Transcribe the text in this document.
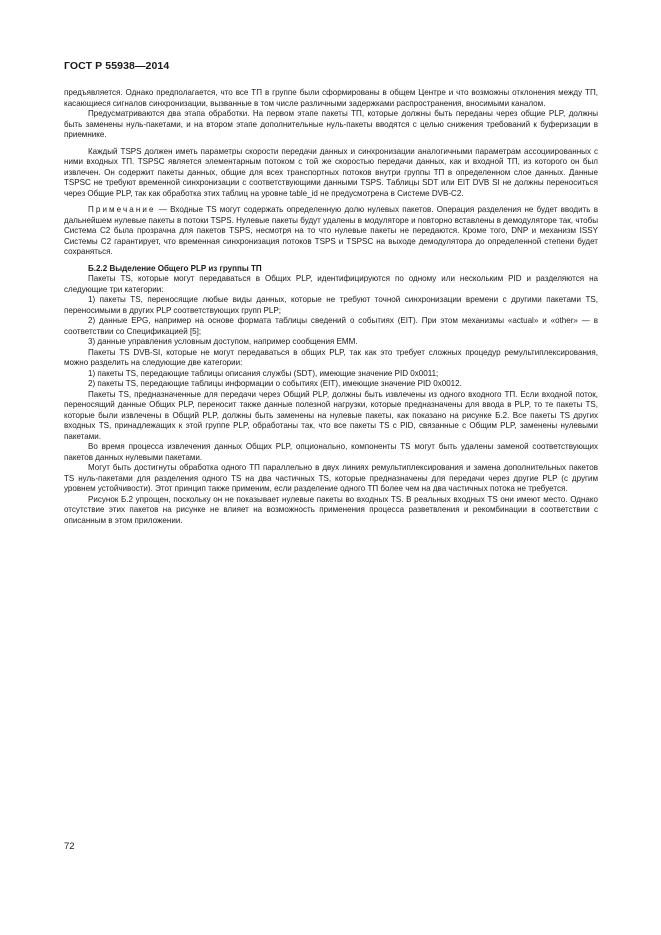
ГОСТ Р 55938—2014

предъявляется. Однако предполагается, что все ТП в группе были сформированы в общем Центре и что возможны отклонения между ТП, касающиеся сигналов синхронизации, вызванные в том числе различными задержками распространения, вносимыми каналом.

Предусматриваются два этапа обработки. На первом этапе пакеты ТП, которые должны быть переданы через общие PLP, должны быть заменены нуль-пакетами, и на втором этапе дополнительные нуль-пакеты вводятся с целью снижения требований к буферизации в приемнике.

Каждый TSPS должен иметь параметры скорости передачи данных и синхронизации аналогичными параметрам ассоциированных с ними входных ТП. TSPSC является элементарным потоком с той же скоростью передачи данных, как и входной ТП, из которого он был извлечен. Он содержит пакеты данных, общие для всех транспортных потоков внутри группы ТП в определенном слое данных. Данные TSPSC не требуют временной синхронизации с соответствующими данными TSPS. Таблицы SDT или EIT DVB SI не должны переноситься через Общие PLP, так как обработка этих таблиц на уровне table_id не предусмотрена в Системе DVB-C2.

Примечание — Входные TS могут содержать определенную долю нулевых пакетов. Операция разделения не будет вводить в дальнейшем нулевые пакеты в потоки TSPS. Нулевые пакеты будут удалены в модуляторе и повторно вставлены в демодуляторе так, чтобы Система С2 была прозрачна для пакетов TSPS, несмотря на то что нулевые пакеты не передаются. Кроме того, DNP и механизм ISSY Системы С2 гарантирует, что временная синхронизация потоков TSPS и TSPSC на выходе демодулятора до определенной степени будет сохраняться.

Б.2.2 Выделение Общего PLP из группы ТП

Пакеты TS, которые могут передаваться в Общих PLP, идентифицируются по одному или нескольким PID и разделяются на следующие три категории:

1) пакеты TS, переносящие любые виды данных, которые не требуют точной синхронизации времени с другими пакетами TS, переносимыми в других PLP соответствующих групп PLP;

2) данные EPG, например на основе формата таблицы сведений о событиях (EIT). При этом механизмы «actual» и «other» — в соответствии со Спецификацией [5];

3) данные управления условным доступом, например сообщения EMM.

Пакеты TS DVB-SI, которые не могут передаваться в общих PLP, так как это требует сложных процедур ремультиплексирования, можно разделить на следующие две категории:

1) пакеты TS, передающие таблицы описания службы (SDT), имеющие значение PID 0x0011;

2) пакеты TS, передающие таблицы информации о событиях (EIT), имеющие значение PID 0x0012.

Пакеты TS, предназначенные для передачи через Общий PLP, должны быть извлечены из одного входного ТП. Если входной поток, переносящий данные Общих PLP, переносит также данные полезной нагрузки, которые предназначены для ввода в PLP, то те пакеты TS, которые были извлечены в Общий PLP, должны быть заменены на нулевые пакеты, как показано на рисунке Б.2. Все пакеты TS других входных TS, принадлежащих к этой группе PLP, обработаны так, что все пакеты TS с PID, связанные с Общим PLP, заменены нулевыми пакетами.

Во время процесса извлечения данных Общих PLP, опционально, компоненты TS могут быть удалены заменой соответствующих пакетов данных нулевыми пакетами.

Могут быть достигнуты обработка одного ТП параллельно в двух линиях ремультиплексирования и замена дополнительных пакетов TS нуль-пакетами для разделения одного TS на два частичных TS, которые предназначены для передачи через другие PLP (с другим уровнем устойчивости). Этот принцип также применим, если разделение одного ТП более чем на два частичных потока не требуется.

Рисунок Б.2 упрощен, поскольку он не показывает нулевые пакеты во входных TS. В реальных входных TS они имеют место. Однако отсутствие этих пакетов на рисунке не влияет на возможность применения процесса разветвления и рекомбинации в соответствии с описанным в этом приложении.

72
